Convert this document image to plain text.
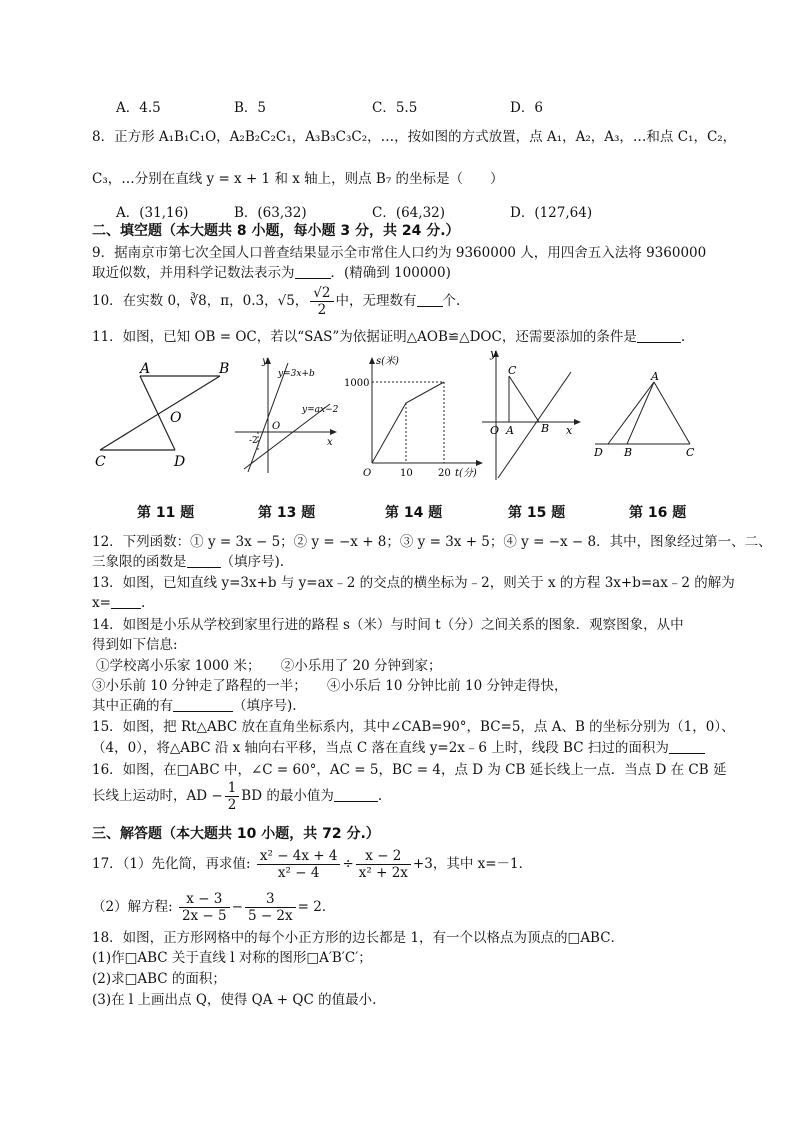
A．4.5	B．5	C．5.5	D．6
8．正方形 A₁B₁C₁O，A₂B₂C₂C₁，A₃B₃C₃C₂，…，按如图的方式放置，点 A₁，A₂，A₃，…和点 C₁，C₂，
C₃，…分别在直线 y = x + 1 和 x 轴上，则点 B₇ 的坐标是（　　）
A．(31,16)	B．(63,32)	C．(64,32)	D．(127,64)
二、填空题（本大题共 8 小题，每小题 3 分，共 24 分.）
9．据南京市第七次全国人口普查结果显示全市常住人口约为 9360000 人，用四舍五入法将 9360000
取近似数，并用科学记数法表示为	．(精确到 100000)
10．在实数 0，∛8，π，0.3̇，√5， $\frac{√2}{2}$ 中，无理数有 个.
11．如图，已知 OB = OC，若以“SAS”为依据证明△AOB≌△DOC，还需要添加的条件是	.
A	B
O
C	D
y
x
O
-2
y=3x+b
y=ax−2
s(米)
1000
O	10	20 t(分)
y
x
O A B
C	A
D B	C
第 11 题	第 13 题	第 14 题	第 15 题	第 16 题
12．下列函数：① y = 3x − 5；② y = −x + 8；③ y = 3x + 5；④ y = −x − 8．其中，图象经过第一、二、
三象限的函数是	（填序号).
13．如图，已知直线 y=3x+b 与 y=ax﹣2 的交点的横坐标为﹣2，则关于 x 的方程 3x+b=ax﹣2 的解为
x= .
14．如图是小乐从学校到家里行进的路程 s（米）与时间 t（分）之间关系的图象．观察图象，从中
得到如下信息:
①学校离小乐家 1000 米；　　②小乐用了 20 分钟到家；
③小乐前 10 分钟走了路程的一半；　　④小乐后 10 分钟比前 10 分钟走得快，
其中正确的有	（填序号).
15．如图，把 Rt△ABC 放在直角坐标系内，其中∠CAB=90°，BC=5，点 A、B 的坐标分别为（1，0）、
（4，0），将△ABC 沿 x 轴向右平移，当点 C 落在直线 y=2x﹣6 上时，线段 BC 扫过的面积为
16．如图，在□ABC 中，∠C = 60°，AC = 5，BC = 4，点 D 为 CB 延长线上一点．当点 D 在 CB 延
长线上运动时，AD − $\frac{1}{2}$ BD 的最小值为	.
三、解答题（本大题共 10 小题，共 72 分.）
17．（1）先化简，再求值: $\frac{\text{x² − 4x + 4}}{\text{x² − 4}} \div \frac{x - 2}{\text{x² + 2x}} +3$，其中 x=－1．
（2）解方程: $\frac{x - 3}{2x - 5} - \frac{3}{5 - 2x} = 2$．
18．如图，正方形网格中的每个小正方形的边长都是 1，有一个以格点为顶点的□ABC．
(1)作□ABC 关于直线 l 对称的图形□A′B′C′；
(2)求□ABC 的面积；
(3)在 l 上画出点 Q，使得 QA + QC 的值最小.
